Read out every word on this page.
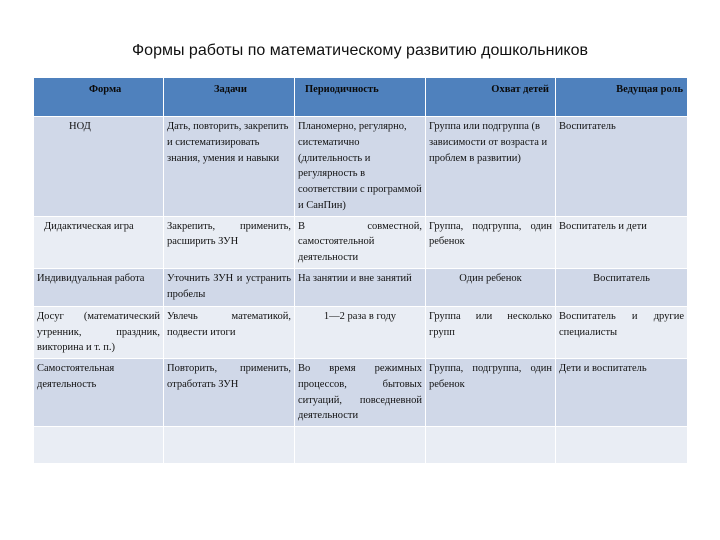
Формы работы по математическому развитию дошкольников
Форма	Задачи	Периодичность	Охват детей	Ведущая роль
НОД	Дать, повторить, закрепить и систематизировать знания, умения и навыки	Планомерно, регулярно, систематично (длительность и регулярность в соответствии с программой и СанПин)	Группа или подгруппа (в зависимости от возраста и проблем в развитии)	Воспитатель
Дидактическая игра	Закрепить, применить, расширить ЗУН	В совместной, самостоятельной деятельности	Группа, подгруппа, один ребенок	Воспитатель и дети
Индивидуальная работа	Уточнить ЗУН и устранить пробелы	На занятии и вне занятий	Один ребенок	Воспитатель
Досуг (математический утренник, праздник, викторина и т. п.)	Увлечь математикой, подвести итоги	1—2 раза в году	Группа или несколько групп	Воспитатель и другие специалисты
Самостоятельная деятельность	Повторить, применить, отработать ЗУН	Во время режимных процессов, бытовых ситуаций, повседневной деятельности	Группа, подгруппа, один ребенок	Дети и воспитатель
